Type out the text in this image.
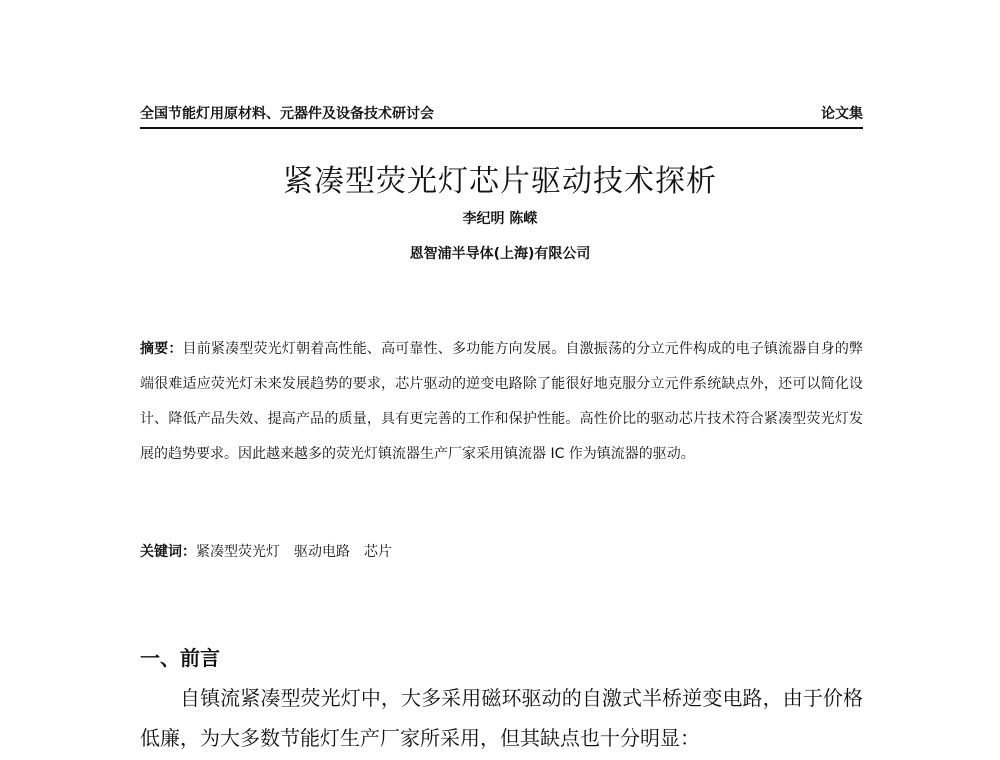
全国节能灯用原材料、元器件及设备技术研讨会	论文集
紧凑型荧光灯芯片驱动技术探析
李纪明 陈嵘
恩智浦半导体(上海)有限公司
摘要：目前紧凑型荧光灯朝着高性能、高可靠性、多功能方向发展。自激振荡的分立元件构成的电子镇流器自身的弊端很难适应荧光灯未来发展趋势的要求，芯片驱动的逆变电路除了能很好地克服分立元件系统缺点外，还可以简化设计、降低产品失效、提高产品的质量，具有更完善的工作和保护性能。高性价比的驱动芯片技术符合紧凑型荧光灯发展的趋势要求。因此越来越多的荧光灯镇流器生产厂家采用镇流器 IC 作为镇流器的驱动。
关键词：紧凑型荧光灯　驱动电路　芯片
一、前言
自镇流紧凑型荧光灯中，大多采用磁环驱动的自激式半桥逆变电路，由于价格低廉，为大多数节能灯生产厂家所采用，但其缺点也十分明显：
